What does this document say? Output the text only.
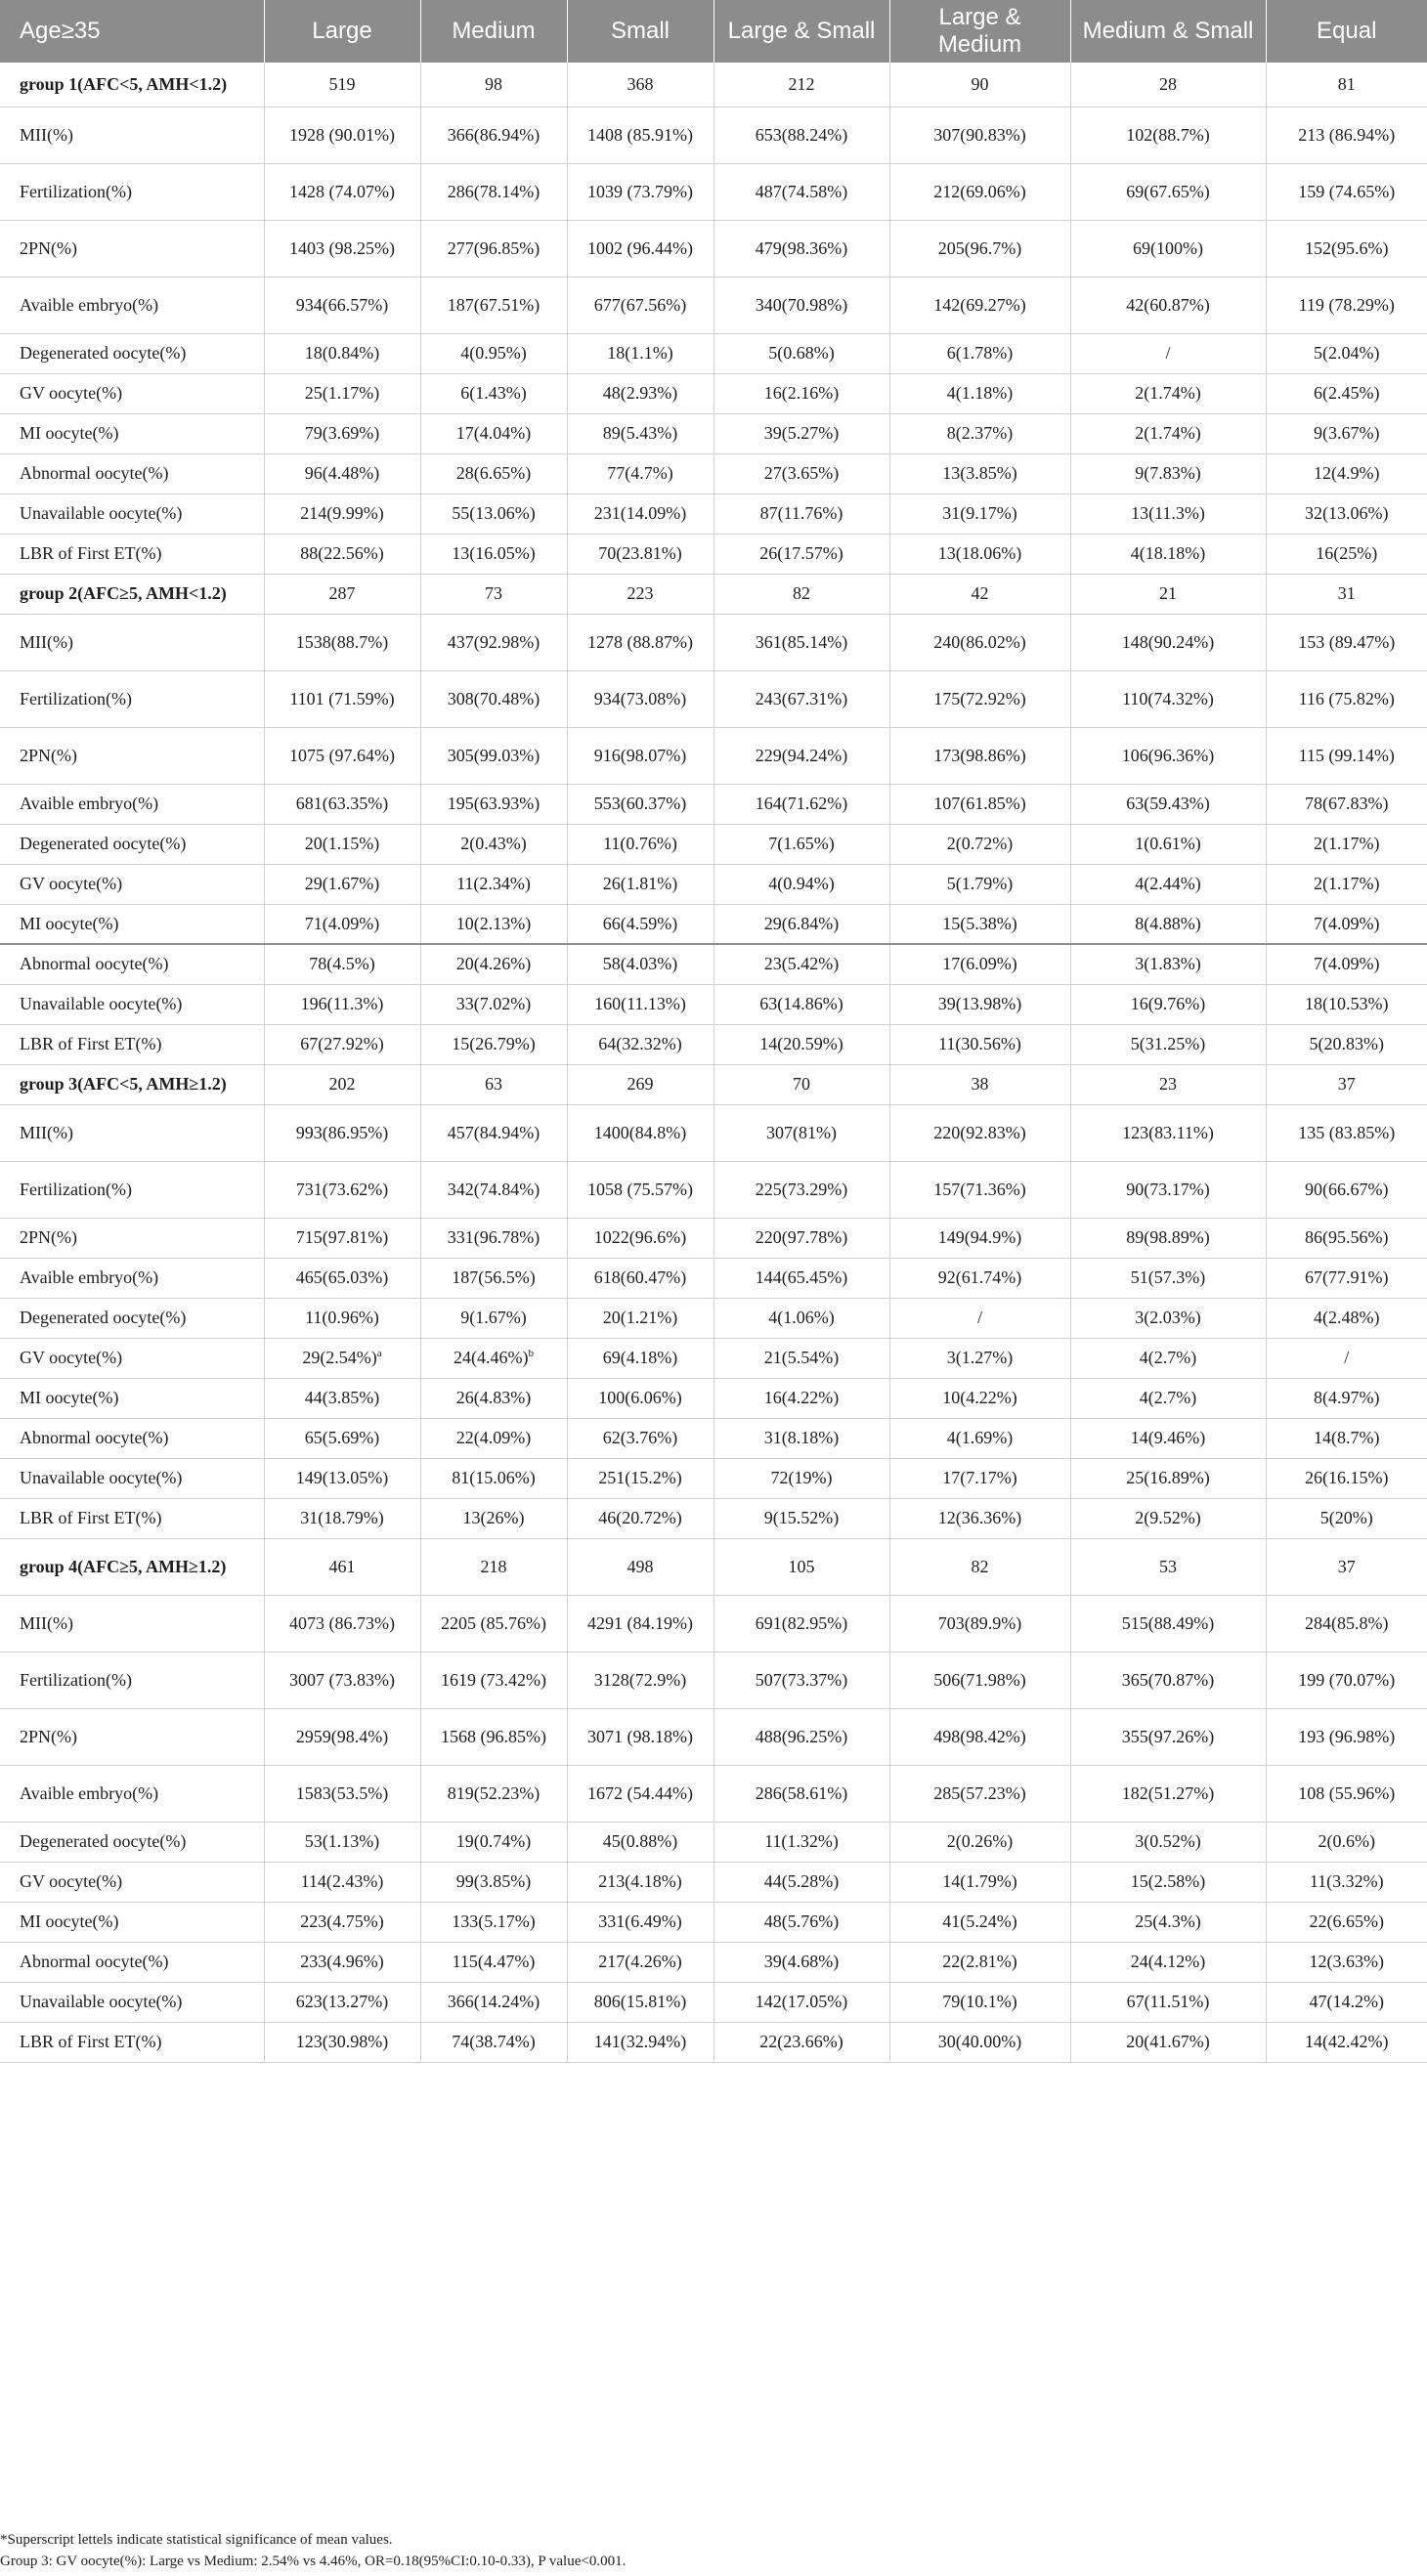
Age≥35	Large	Medium	Small	Large & Small	Large & Medium	Medium & Small	Equal
group 1(AFC<5, AMH<1.2)	519	98	368	212	90	28	81
MII(%)	1928 (90.01%)	366(86.94%)	1408 (85.91%)	653(88.24%)	307(90.83%)	102(88.7%)	213 (86.94%)
Fertilization(%)	1428 (74.07%)	286(78.14%)	1039 (73.79%)	487(74.58%)	212(69.06%)	69(67.65%)	159 (74.65%)
2PN(%)	1403 (98.25%)	277(96.85%)	1002 (96.44%)	479(98.36%)	205(96.7%)	69(100%)	152(95.6%)
Avaible embryo(%)	934(66.57%)	187(67.51%)	677(67.56%)	340(70.98%)	142(69.27%)	42(60.87%)	119 (78.29%)
Degenerated oocyte(%)	18(0.84%)	4(0.95%)	18(1.1%)	5(0.68%)	6(1.78%)	/	5(2.04%)
GV oocyte(%)	25(1.17%)	6(1.43%)	48(2.93%)	16(2.16%)	4(1.18%)	2(1.74%)	6(2.45%)
MI oocyte(%)	79(3.69%)	17(4.04%)	89(5.43%)	39(5.27%)	8(2.37%)	2(1.74%)	9(3.67%)
Abnormal oocyte(%)	96(4.48%)	28(6.65%)	77(4.7%)	27(3.65%)	13(3.85%)	9(7.83%)	12(4.9%)
Unavailable oocyte(%)	214(9.99%)	55(13.06%)	231(14.09%)	87(11.76%)	31(9.17%)	13(11.3%)	32(13.06%)
LBR of First ET(%)	88(22.56%)	13(16.05%)	70(23.81%)	26(17.57%)	13(18.06%)	4(18.18%)	16(25%)
group 2(AFC≥5, AMH<1.2)	287	73	223	82	42	21	31
MII(%)	1538(88.7%)	437(92.98%)	1278 (88.87%)	361(85.14%)	240(86.02%)	148(90.24%)	153 (89.47%)
Fertilization(%)	1101 (71.59%)	308(70.48%)	934(73.08%)	243(67.31%)	175(72.92%)	110(74.32%)	116 (75.82%)
2PN(%)	1075 (97.64%)	305(99.03%)	916(98.07%)	229(94.24%)	173(98.86%)	106(96.36%)	115 (99.14%)
Avaible embryo(%)	681(63.35%)	195(63.93%)	553(60.37%)	164(71.62%)	107(61.85%)	63(59.43%)	78(67.83%)
Degenerated oocyte(%)	20(1.15%)	2(0.43%)	11(0.76%)	7(1.65%)	2(0.72%)	1(0.61%)	2(1.17%)
GV oocyte(%)	29(1.67%)	11(2.34%)	26(1.81%)	4(0.94%)	5(1.79%)	4(2.44%)	2(1.17%)
MI oocyte(%)	71(4.09%)	10(2.13%)	66(4.59%)	29(6.84%)	15(5.38%)	8(4.88%)	7(4.09%)
Abnormal oocyte(%)	78(4.5%)	20(4.26%)	58(4.03%)	23(5.42%)	17(6.09%)	3(1.83%)	7(4.09%)
Unavailable oocyte(%)	196(11.3%)	33(7.02%)	160(11.13%)	63(14.86%)	39(13.98%)	16(9.76%)	18(10.53%)
LBR of First ET(%)	67(27.92%)	15(26.79%)	64(32.32%)	14(20.59%)	11(30.56%)	5(31.25%)	5(20.83%)
group 3(AFC<5, AMH≥1.2)	202	63	269	70	38	23	37
MII(%)	993(86.95%)	457(84.94%)	1400(84.8%)	307(81%)	220(92.83%)	123(83.11%)	135 (83.85%)
Fertilization(%)	731(73.62%)	342(74.84%)	1058 (75.57%)	225(73.29%)	157(71.36%)	90(73.17%)	90(66.67%)
2PN(%)	715(97.81%)	331(96.78%)	1022(96.6%)	220(97.78%)	149(94.9%)	89(98.89%)	86(95.56%)
Avaible embryo(%)	465(65.03%)	187(56.5%)	618(60.47%)	144(65.45%)	92(61.74%)	51(57.3%)	67(77.91%)
Degenerated oocyte(%)	11(0.96%)	9(1.67%)	20(1.21%)	4(1.06%)	/	3(2.03%)	4(2.48%)
GV oocyte(%)	$29(2.54\%)^a$	$24(4.46\%)^b$	69(4.18%)	21(5.54%)	3(1.27%)	4(2.7%)	/
MI oocyte(%)	44(3.85%)	26(4.83%)	100(6.06%)	16(4.22%)	10(4.22%)	4(2.7%)	8(4.97%)
Abnormal oocyte(%)	65(5.69%)	22(4.09%)	62(3.76%)	31(8.18%)	4(1.69%)	14(9.46%)	14(8.7%)
Unavailable oocyte(%)	149(13.05%)	81(15.06%)	251(15.2%)	72(19%)	17(7.17%)	25(16.89%)	26(16.15%)
LBR of First ET(%)	31(18.79%)	13(26%)	46(20.72%)	9(15.52%)	12(36.36%)	2(9.52%)	5(20%)
group 4(AFC≥5, AMH≥1.2)	461	218	498	105	82	53	37
MII(%)	4073 (86.73%)	2205 (85.76%)	4291 (84.19%)	691(82.95%)	703(89.9%)	515(88.49%)	284(85.8%)
Fertilization(%)	3007 (73.83%)	1619 (73.42%)	3128(72.9%)	507(73.37%)	506(71.98%)	365(70.87%)	199 (70.07%)
2PN(%)	2959(98.4%)	1568 (96.85%)	3071 (98.18%)	488(96.25%)	498(98.42%)	355(97.26%)	193 (96.98%)
Avaible embryo(%)	1583(53.5%)	819(52.23%)	1672 (54.44%)	286(58.61%)	285(57.23%)	182(51.27%)	108 (55.96%)
Degenerated oocyte(%)	53(1.13%)	19(0.74%)	45(0.88%)	11(1.32%)	2(0.26%)	3(0.52%)	2(0.6%)
GV oocyte(%)	114(2.43%)	99(3.85%)	213(4.18%)	44(5.28%)	14(1.79%)	15(2.58%)	11(3.32%)
MI oocyte(%)	223(4.75%)	133(5.17%)	331(6.49%)	48(5.76%)	41(5.24%)	25(4.3%)	22(6.65%)
Abnormal oocyte(%)	233(4.96%)	115(4.47%)	217(4.26%)	39(4.68%)	22(2.81%)	24(4.12%)	12(3.63%)
Unavailable oocyte(%)	623(13.27%)	366(14.24%)	806(15.81%)	142(17.05%)	79(10.1%)	67(11.51%)	47(14.2%)
LBR of First ET(%)	123(30.98%)	74(38.74%)	141(32.94%)	22(23.66%)	30(40.00%)	20(41.67%)	14(42.42%)
*Superscript lettels indicate statistical significance of mean values.
Group 3: GV oocyte(%): Large vs Medium: 2.54% vs 4.46%, OR=0.18(95%CI:0.10-0.33), P value<0.001.
